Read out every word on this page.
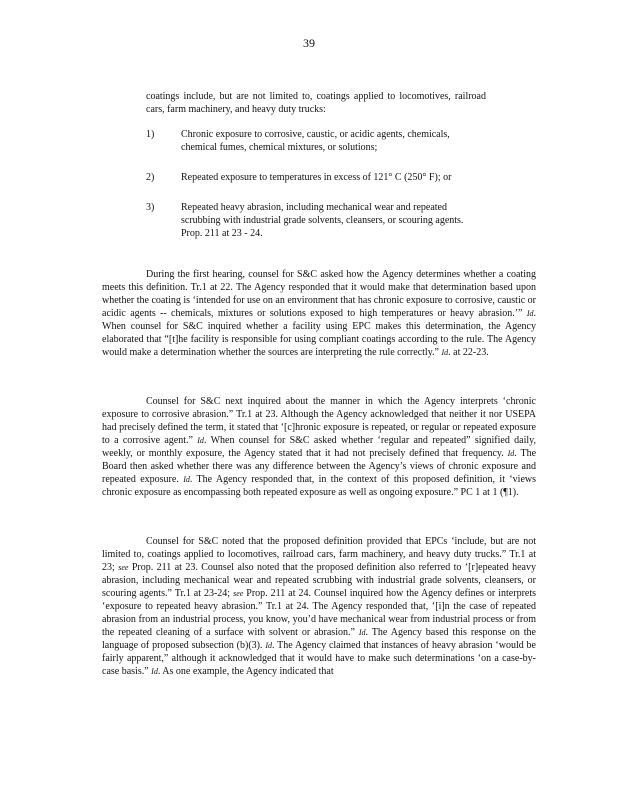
39
coatings include, but are not limited to, coatings applied to locomotives, railroad cars, farm machinery, and heavy duty trucks:
1)	Chronic exposure to corrosive, caustic, or acidic agents, chemicals, chemical fumes, chemical mixtures, or solutions;
2)	Repeated exposure to temperatures in excess of 121° C (250° F); or
3)	Repeated heavy abrasion, including mechanical wear and repeated scrubbing with industrial grade solvents, cleansers, or scouring agents. Prop. 211 at 23 - 24.

During the first hearing, counsel for S&C asked how the Agency determines whether a coating meets this definition. Tr.1 at 22. The Agency responded that it would make that determination based upon whether the coating is ‘intended for use on an environment that has chronic exposure to corrosive, caustic or acidic agents -- chemicals, mixtures or solutions exposed to high temperatures or heavy abrasion.’” Id. When counsel for S&C inquired whether a facility using EPC makes this determination, the Agency elaborated that “[t]he facility is responsible for using compliant coatings according to the rule. The Agency would make a determination whether the sources are interpreting the rule correctly.” Id. at 22-23.

Counsel for S&C next inquired about the manner in which the Agency interprets ‘chronic exposure to corrosive abrasion.” Tr.1 at 23. Although the Agency acknowledged that neither it nor USEPA had precisely defined the term, it stated that ‘[c]hronic exposure is repeated, or regular or repeated exposure to a corrosive agent.” Id. When counsel for S&C asked whether ‘regular and repeated” signified daily, weekly, or monthly exposure, the Agency stated that it had not precisely defined that frequency. Id. The Board then asked whether there was any difference between the Agency’s views of chronic exposure and repeated exposure. Id. The Agency responded that, in the context of this proposed definition, it ‘views chronic exposure as encompassing both repeated exposure as well as ongoing exposure.” PC 1 at 1 (¶1).

Counsel for S&C noted that the proposed definition provided that EPCs ‘include, but are not limited to, coatings applied to locomotives, railroad cars, farm machinery, and heavy duty trucks.” Tr.1 at 23; see Prop. 211 at 23. Counsel also noted that the proposed definition also referred to ‘[r]epeated heavy abrasion, including mechanical wear and repeated scrubbing with industrial grade solvents, cleansers, or scouring agents.” Tr.1 at 23-24; see Prop. 211 at 24. Counsel inquired how the Agency defines or interprets ‘exposure to repeated heavy abrasion.” Tr.1 at 24. The Agency responded that, ‘[i]n the case of repeated abrasion from an industrial process, you know, you’d have mechanical wear from industrial process or from the repeated cleaning of a surface with solvent or abrasion.” Id. The Agency based this response on the language of proposed subsection (b)(3). Id. The Agency claimed that instances of heavy abrasion ‘would be fairly apparent,” although it acknowledged that it would have to make such determinations ‘on a case-by-case basis.” Id. As one example, the Agency indicated that
